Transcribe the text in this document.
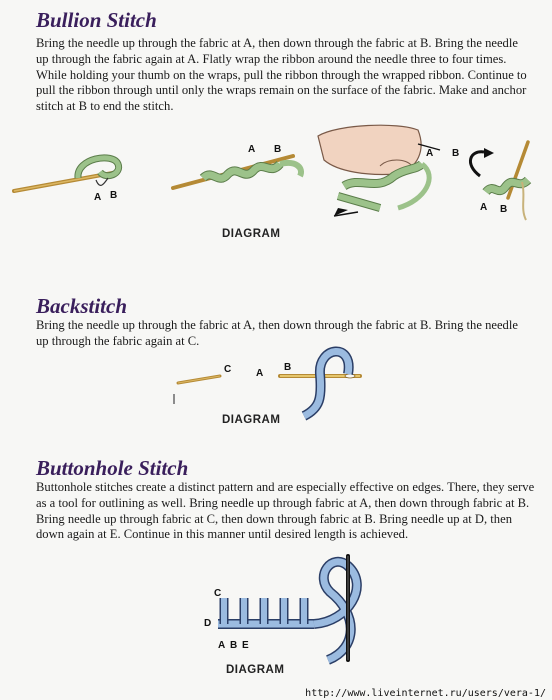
Bullion Stitch

Bring the needle up through the fabric at A, then down through the fabric at B. Bring the needle up through the fabric again at A. Flatly wrap the ribbon around the needle three to four times. While holding your thumb on the wraps, pull the ribbon through the wrapped ribbon. Continue to pull the ribbon through until only the wraps remain on the surface of the fabric. Make and anchor stitch at B to end the stitch.

A B
A B	A B
A B
DIAGRAM
Backstitch

Bring the needle up through the fabric at A, then down through the fabric at B. Bring the needle up through the fabric again at C.

C A
B
DIAGRAM
Buttonhole Stitch

Buttonhole stitches create a distinct pattern and are especially effective on edges. There, they serve as a tool for outlining as well. Bring needle up through fabric at A, then down through fabric at B. Bring needle up through fabric at C, then down through fabric at B. Bring needle up at D, then down again at E. Continue in this manner until desired length is achieved.

C
D
A B E
DIAGRAM
http://www.liveinternet.ru/users/vera-1/
